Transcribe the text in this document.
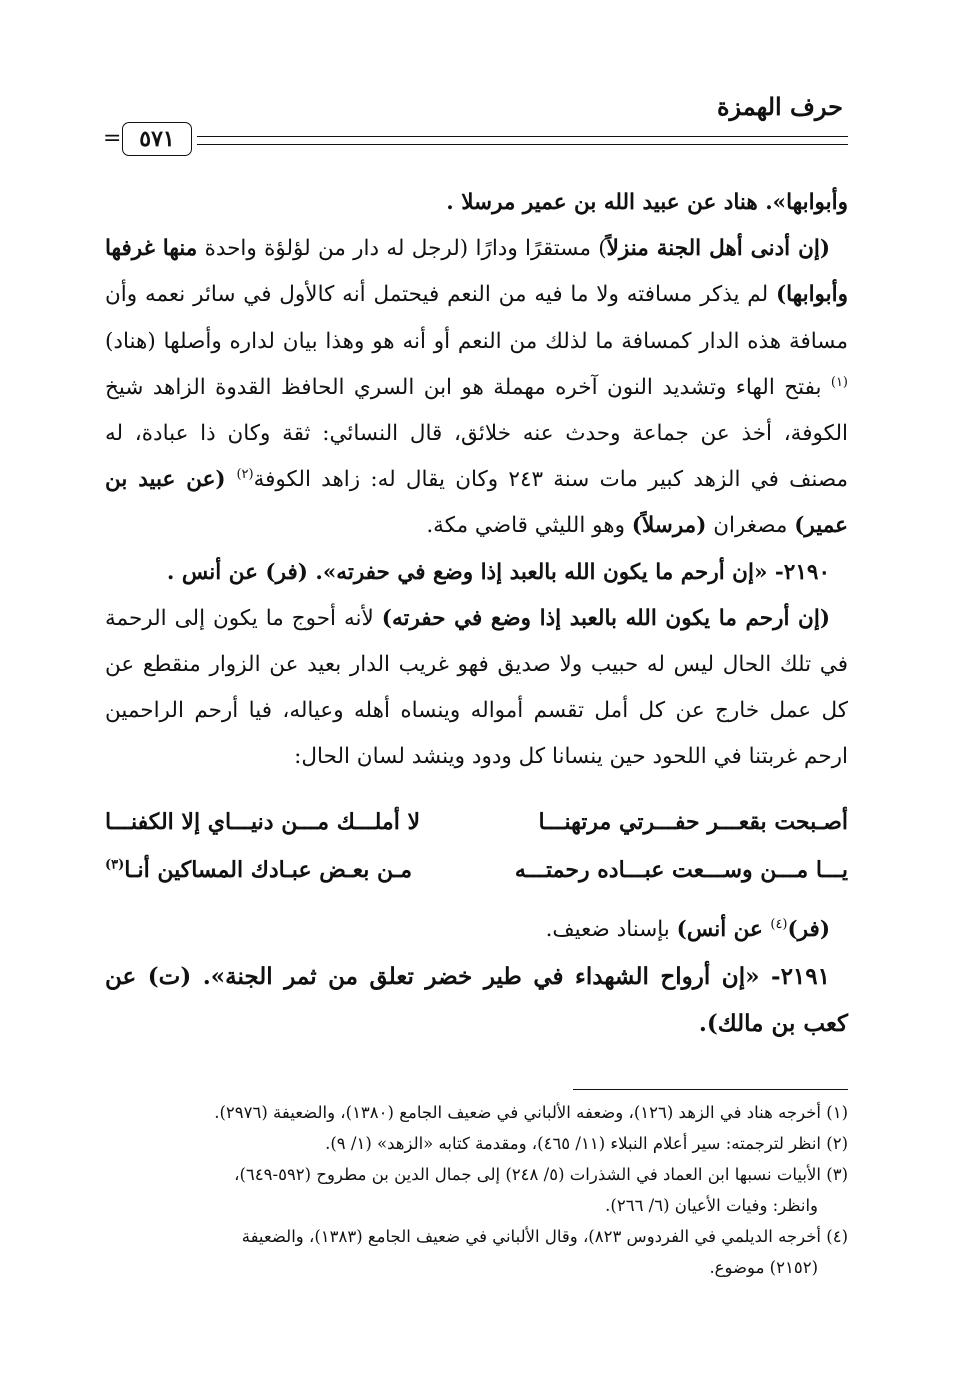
حرف الهمزة
٥٧١
=

وأبوابها». هناد عن عبيد الله بن عمير مرسلا .

(إن أدنى أهل الجنة منزلاً) مستقرًا ودارًا (لرجل له دار من لؤلؤة واحدة منها غرفها وأبوابها) لم يذكر مسافته ولا ما فيه من النعم فيحتمل أنه كالأول في سائر نعمه وأن مسافة هذه الدار كمسافة ما لذلك من النعم أو أنه هو وهذا بيان لداره وأصلها (هناد)$^{(١)}$ بفتح الهاء وتشديد النون آخره مهملة هو ابن السري الحافظ القدوة الزاهد شيخ الكوفة، أخذ عن جماعة وحدث عنه خلائق، قال النسائي: ثقة وكان ذا عبادة، له مصنف في الزهد كبير مات سنة ٢٤٣ وكان يقال له: زاهد الكوفة$^{(٢)}$ (عن عبيد بن عمير) مصغران (مرسلاً) وهو الليثي قاضي مكة.

٢١٩٠- «إن أرحم ما يكون الله بالعبد إذا وضع في حفرته». (فر) عن أنس .

(إن أرحم ما يكون الله بالعبد إذا وضع في حفرته) لأنه أحوج ما يكون إلى الرحمة في تلك الحال ليس له حبيب ولا صديق فهو غريب الدار بعيد عن الزوار منقطع عن كل عمل خارج عن كل أمل تقسم أمواله وينساه أهله وعياله، فيا أرحم الراحمين ارحم غربتنا في اللحود حين ينسانا كل ودود وينشد لسان الحال:

أصـبحت بقعـــر حفـــرتي مرتهنـــا
لا أملـــك مـــن دنيـــاي إلا الكفنـــا
يـــا مـــن وســـعت عبـــاده رحمتـــه
مـن بعـض عبـادك المساكين أنـا$^{(٣)}$

(فر)$^{(٤)}$ عن أنس) بإسناد ضعيف.

٢١٩١- «إن أرواح الشهداء في طير خضر تعلق من ثمر الجنة». (ت) عن كعب بن مالك).

(١) أخرجه هناد في الزهد (١٢٦)، وضعفه الألباني في ضعيف الجامع (١٣٨٠)، والضعيفة (٢٩٧٦).

(٢) انظر لترجمته: سير أعلام النبلاء (١١/ ٤٦٥)، ومقدمة كتابه «الزهد» (١/ ٩).

(٣) الأبيات نسبها ابن العماد في الشذرات (٥/ ٢٤٨) إلى جمال الدين بن مطروح (٥٩٢-٦٤٩)،

وانظر: وفيات الأعيان (٦/ ٢٦٦).

(٤) أخرجه الديلمي في الفردوس ٨٢٣)، وقال الألباني في ضعيف الجامع (١٣٨٣)، والضعيفة

(٢١٥٢) موضوع.
